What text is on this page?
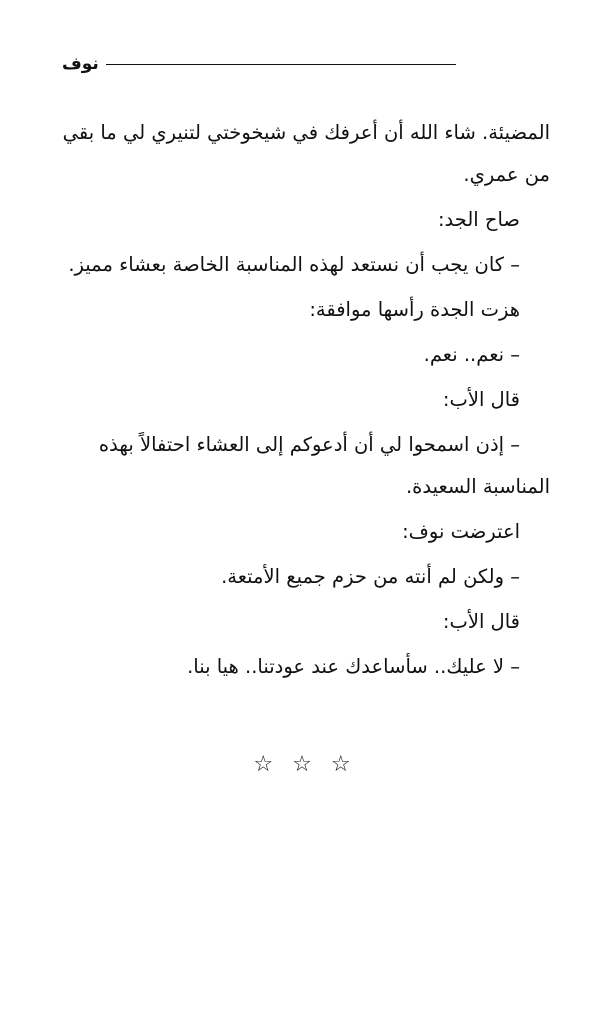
نوف

المضيئة. شاء الله أن أعرفك في شيخوختي لتنيري لي ما بقي من عمري.

صاح الجد:

– كان يجب أن نستعد لهذه المناسبة الخاصة بعشاء مميز.

هزت الجدة رأسها موافقة:

– نعم.. نعم.

قال الأب:

– إذن اسمحوا لي أن أدعوكم إلى العشاء احتفالاً بهذه المناسبة السعيدة.

اعترضت نوف:

– ولكن لم أنته من حزم جميع الأمتعة.

قال الأب:

– لا عليك.. سأساعدك عند عودتنا.. هيا بنا.

☆ ☆ ☆
